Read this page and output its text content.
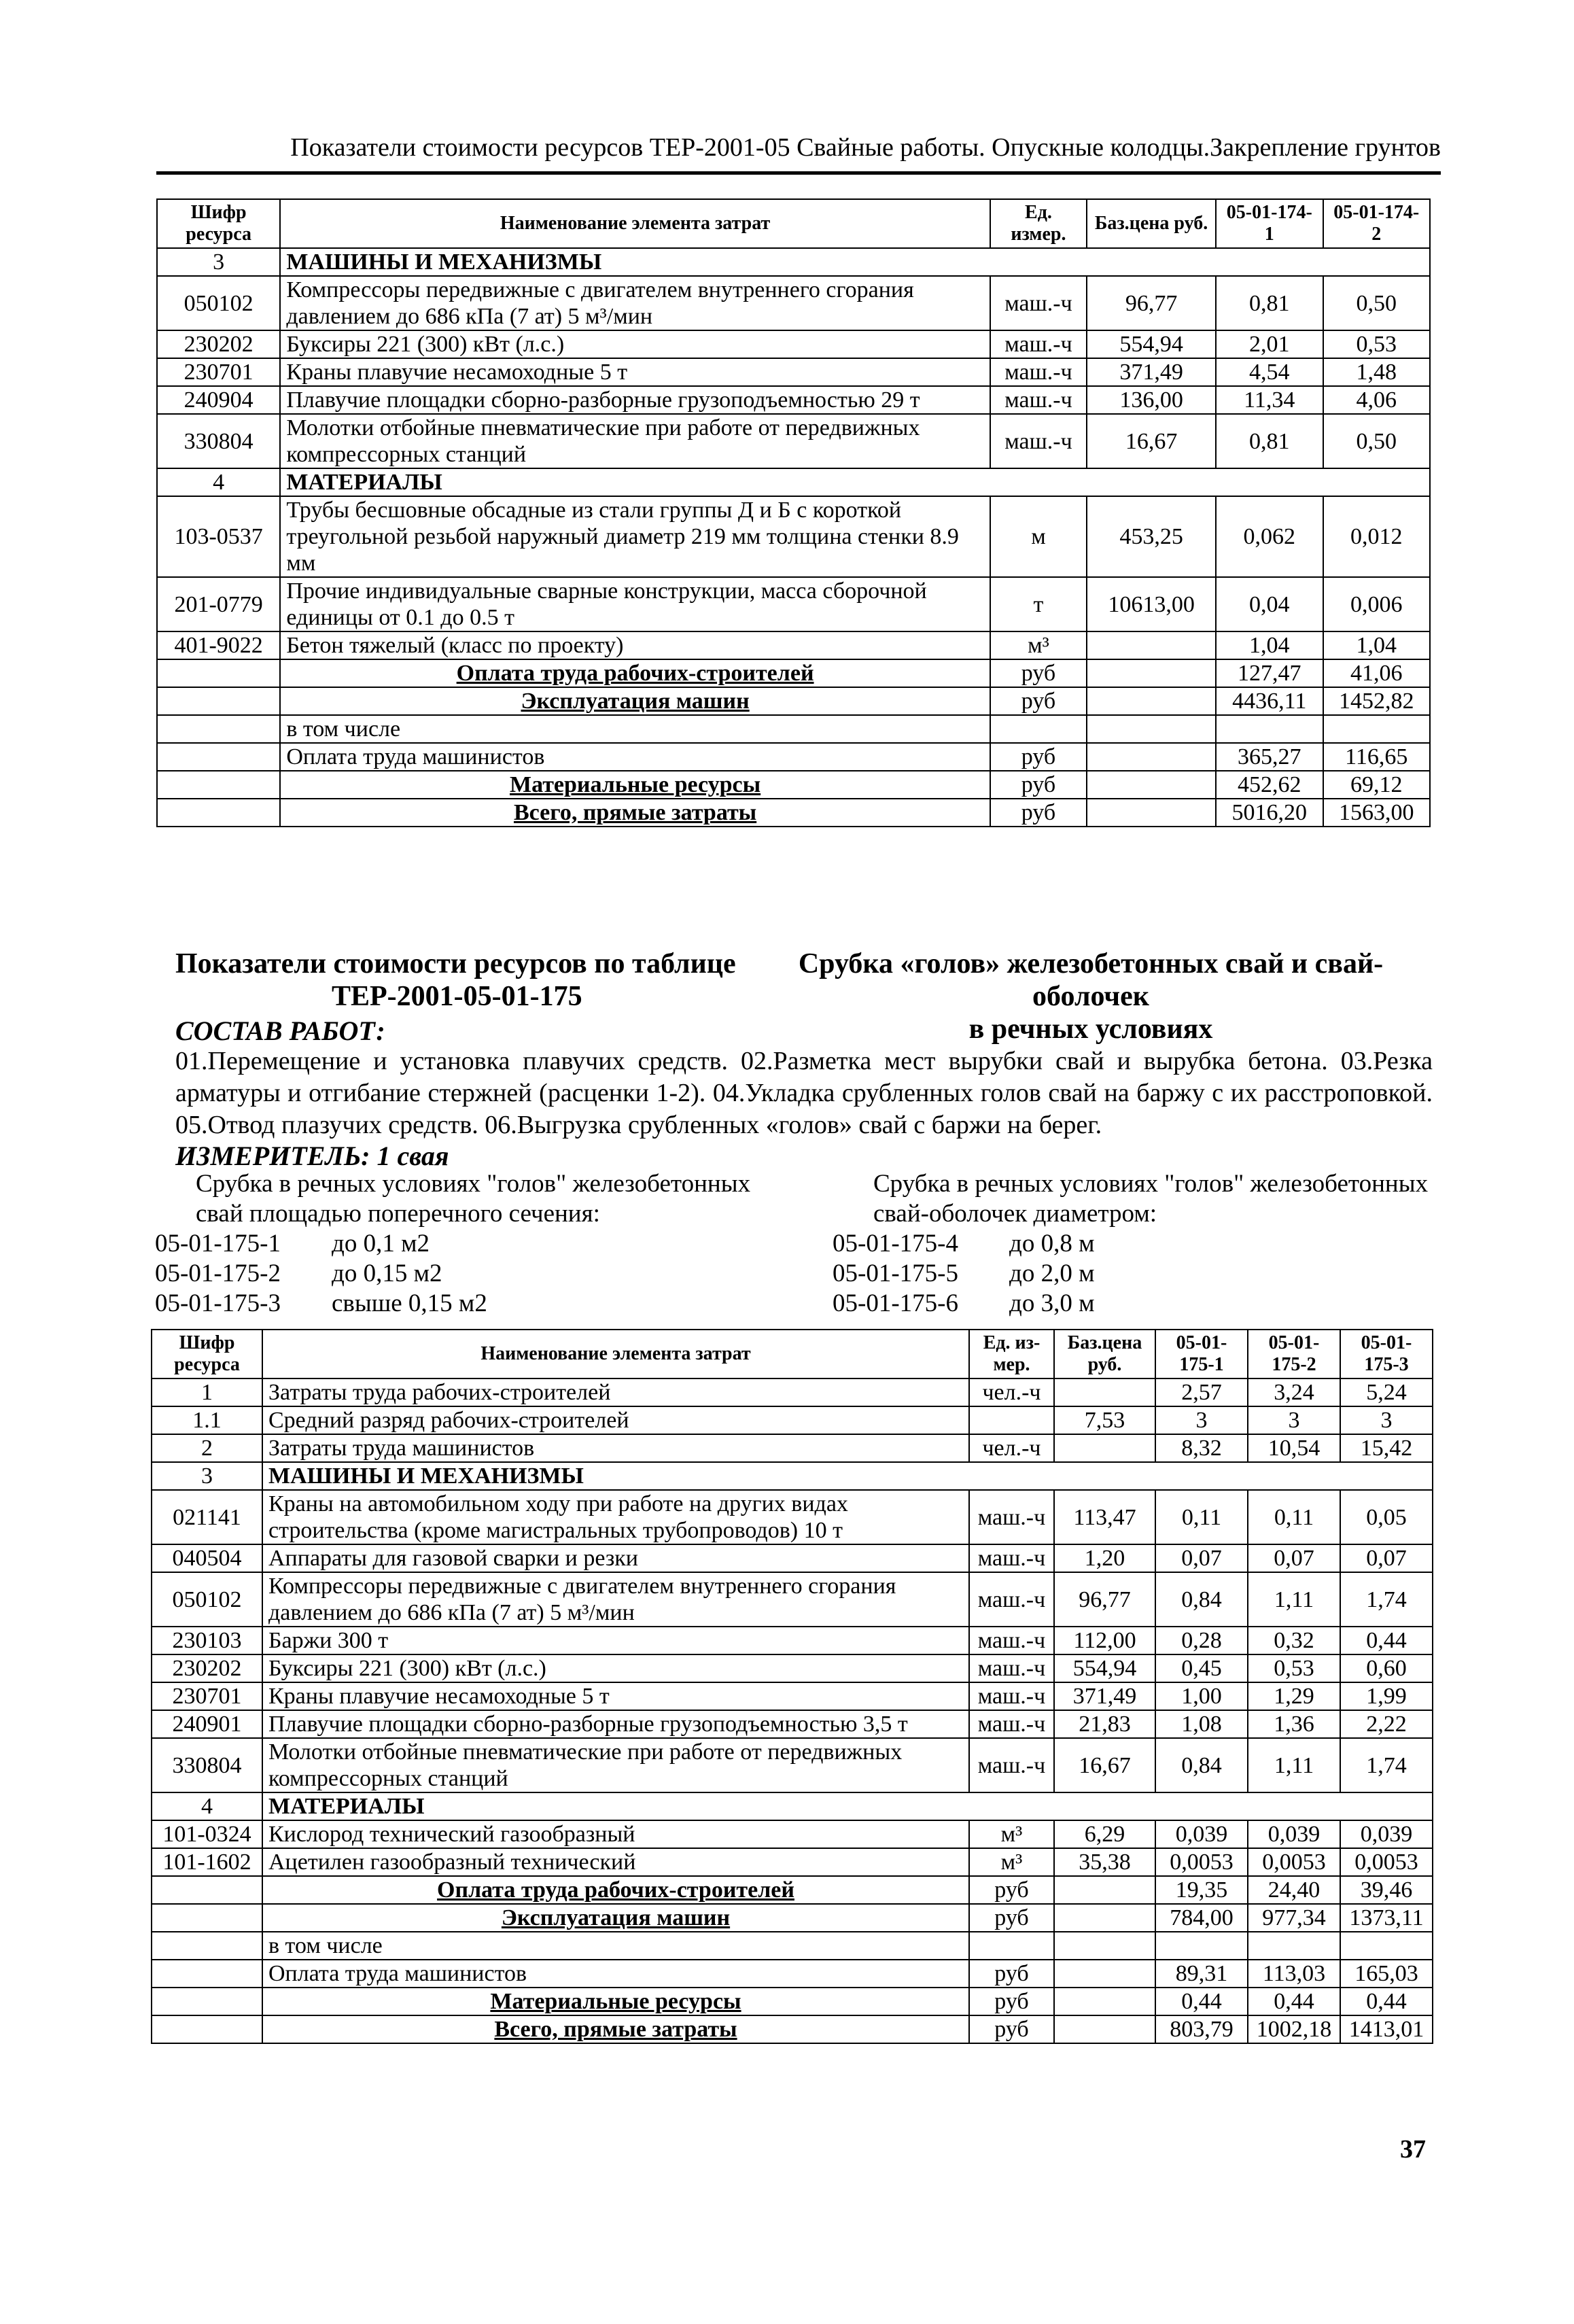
Показатели стоимости ресурсов ТЕР-2001-05 Свайные работы. Опускные колодцы.Закрепление грунтов
Шифр ресурса	Наименование элемента затрат	Ед. измер.	Баз.цена руб.	05-01-174-1	05-01-174-2
3	МАШИНЫ И МЕХАНИЗМЫ				
050102	Компрессоры передвижные с двигателем внутреннего сгорания давлением до 686 кПа (7 ат) 5 м³/мин	маш.-ч	96,77	0,81	0,50
230202	Буксиры 221 (300) кВт (л.с.)	маш.-ч	554,94	2,01	0,53
230701	Краны плавучие несамоходные 5 т	маш.-ч	371,49	4,54	1,48
240904	Плавучие площадки сборно-разборные грузоподъемностью 29 т	маш.-ч	136,00	11,34	4,06
330804	Молотки отбойные пневматические при работе от передвижных компрессорных станций	маш.-ч	16,67	0,81	0,50
4	МАТЕРИАЛЫ				
103-0537	Трубы бесшовные обсадные из стали группы Д и Б с короткой треугольной резьбой наружный диаметр 219 мм толщина стенки 8.9 мм	м	453,25	0,062	0,012
201-0779	Прочие индивидуальные сварные конструкции, масса сборочной единицы от 0.1 до 0.5 т	т	10613,00	0,04	0,006
401-9022	Бетон тяжелый (класс по проекту)	м³		1,04	1,04
	Оплата труда рабочих-строителей	руб		127,47	41,06
	Эксплуатация машин	руб		4436,11	1452,82
	в том числе				
	Оплата труда машинистов	руб		365,27	116,65
	Материальные ресурсы	руб		452,62	69,12
	Всего, прямые затраты	руб		5016,20	1563,00
Показатели стоимости ресурсов по таблице
ТЕР-2001-05-01-175
Срубка «голов» железобетонных свай и свай-оболочек
в речных условиях
СОСТАВ РАБОТ:
01.Перемещение и установка плавучих средств. 02.Разметка мест вырубки свай и вырубка бетона. 03.Резка арматуры и отгибание стержней (расценки 1-2). 04.Укладка срубленных голов свай на баржу с их расстроповкой. 05.Отвод плазучих средств. 06.Выгрузка срубленных «голов» свай с баржи на берег.
ИЗМЕРИТЕЛЬ: 1 свая
Срубка в речных условиях "голов" железобетонных
свай площадью поперечного сечения:
05-01-175-1	до 0,1 м2
05-01-175-2	до 0,15 м2
05-01-175-3	свыше 0,15 м2
Срубка в речных условиях "голов" железобетонных
свай-оболочек диаметром:
05-01-175-4	до 0,8 м
05-01-175-5	до 2,0 м
05-01-175-6	до 3,0 м
Шифр ресурса	Наименование элемента затрат	Ед. из-мер.	Баз.цена руб.	05-01-175-1	05-01-175-2	05-01-175-3
1	Затраты труда рабочих-строителей	чел.-ч		2,57	3,24	5,24
1.1	Средний разряд рабочих-строителей		7,53	3	3	3
2	Затраты труда машинистов	чел.-ч		8,32	10,54	15,42
3	МАШИНЫ И МЕХАНИЗМЫ					
021141	Краны на автомобильном ходу при работе на других видах строительства (кроме магистральных трубопроводов) 10 т	маш.-ч	113,47	0,11	0,11	0,05
040504	Аппараты для газовой сварки и резки	маш.-ч	1,20	0,07	0,07	0,07
050102	Компрессоры передвижные с двигателем внутреннего сгорания давлением до 686 кПа (7 ат) 5 м³/мин	маш.-ч	96,77	0,84	1,11	1,74
230103	Баржи 300 т	маш.-ч	112,00	0,28	0,32	0,44
230202	Буксиры 221 (300) кВт (л.с.)	маш.-ч	554,94	0,45	0,53	0,60
230701	Краны плавучие несамоходные 5 т	маш.-ч	371,49	1,00	1,29	1,99
240901	Плавучие площадки сборно-разборные грузоподъемностью 3,5 т	маш.-ч	21,83	1,08	1,36	2,22
330804	Молотки отбойные пневматические при работе от передвижных компрессорных станций	маш.-ч	16,67	0,84	1,11	1,74
4	МАТЕРИАЛЫ					
101-0324	Кислород технический газообразный	м³	6,29	0,039	0,039	0,039
101-1602	Ацетилен газообразный технический	м³	35,38	0,0053	0,0053	0,0053
	Оплата труда рабочих-строителей	руб		19,35	24,40	39,46
	Эксплуатация машин	руб		784,00	977,34	1373,11
	в том числе					
	Оплата труда машинистов	руб		89,31	113,03	165,03
	Материальные ресурсы	руб		0,44	0,44	0,44
	Всего, прямые затраты	руб		803,79	1002,18	1413,01
37
